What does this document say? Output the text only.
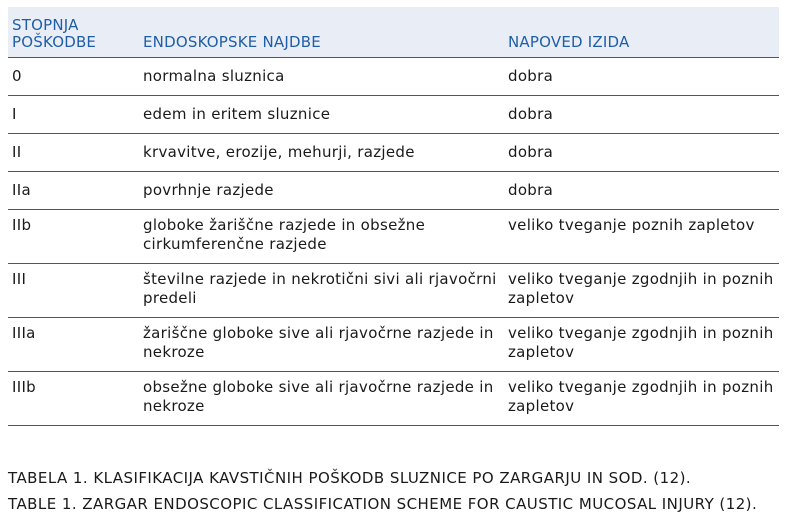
STOPNJA
POŠKODBE	ENDOSKOPSKE NAJDBE	NAPOVED IZIDA
0	normalna sluznica	dobra
I	edem in eritem sluznice	dobra
II	krvavitve, erozije, mehurji, razjede	dobra
IIa	povrhnje razjede	dobra
IIb	globoke žariščne razjede in obsežne cirkumferenčne razjede	veliko tveganje poznih zapletov
III	številne razjede in nekrotični sivi ali rjavočrni predeli	veliko tveganje zgodnjih in poznih zapletov
IIIa	žariščne globoke sive ali rjavočrne razjede in nekroze	veliko tveganje zgodnjih in poznih zapletov
IIIb	obsežne globoke sive ali rjavočrne razjede in nekroze	veliko tveganje zgodnjih in poznih zapletov
TABELA 1. KLASIFIKACIJA KAVSTIČNIH POŠKODB SLUZNICE PO ZARGARJU IN SOD. (12).
TABLE 1. ZARGAR ENDOSCOPIC CLASSIFICATION SCHEME FOR CAUSTIC MUCOSAL INJURY (12).
